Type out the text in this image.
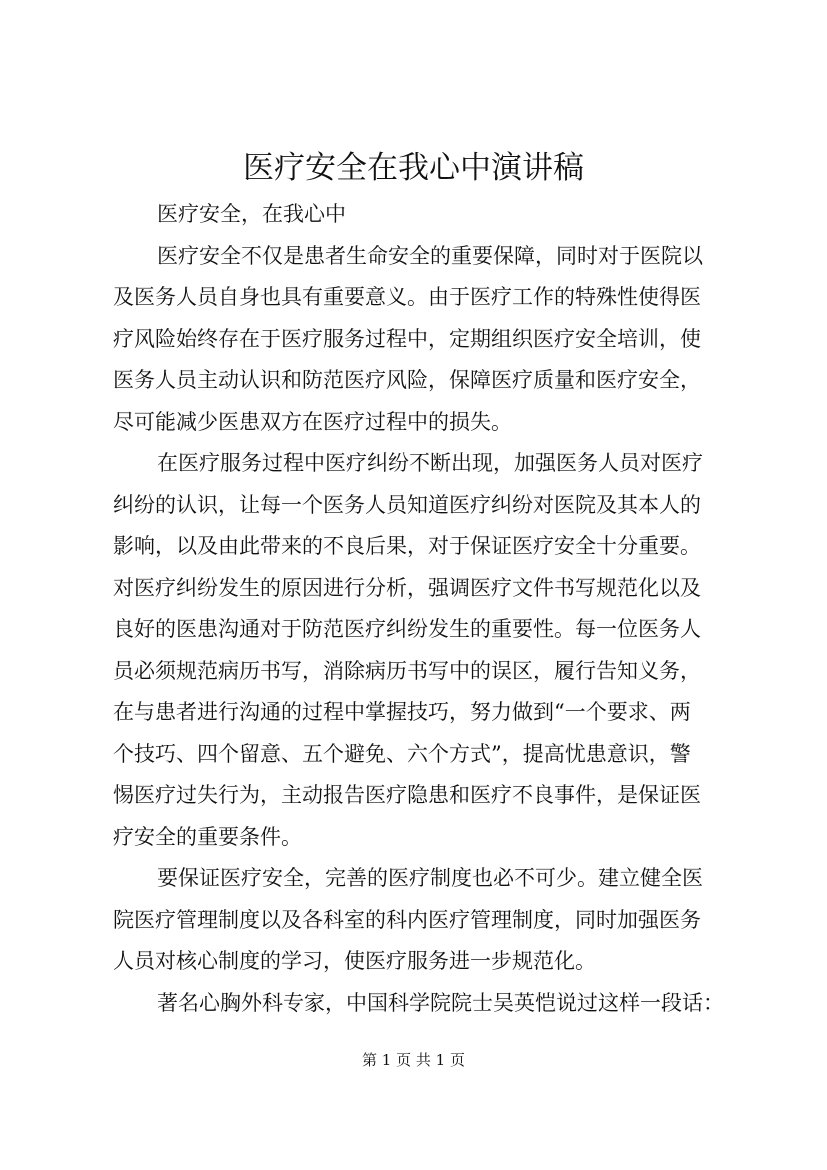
医疗安全在我心中演讲稿
医疗安全，在我心中
医疗安全不仅是患者生命安全的重要保障，同时对于医院以
及医务人员自身也具有重要意义。由于医疗工作的特殊性使得医
疗风险始终存在于医疗服务过程中，定期组织医疗安全培训，使
医务人员主动认识和防范医疗风险，保障医疗质量和医疗安全，
尽可能减少医患双方在医疗过程中的损失。
在医疗服务过程中医疗纠纷不断出现，加强医务人员对医疗
纠纷的认识，让每一个医务人员知道医疗纠纷对医院及其本人的
影响，以及由此带来的不良后果，对于保证医疗安全十分重要。
对医疗纠纷发生的原因进行分析，强调医疗文件书写规范化以及
良好的医患沟通对于防范医疗纠纷发生的重要性。每一位医务人
员必须规范病历书写，消除病历书写中的误区，履行告知义务，
在与患者进行沟通的过程中掌握技巧，努力做到“一个要求、两
个技巧、四个留意、五个避免、六个方式”，提高忧患意识，警
惕医疗过失行为，主动报告医疗隐患和医疗不良事件，是保证医
疗安全的重要条件。
要保证医疗安全，完善的医疗制度也必不可少。建立健全医
院医疗管理制度以及各科室的科内医疗管理制度，同时加强医务
人员对核心制度的学习，使医疗服务进一步规范化。
著名心胸外科专家，中国科学院院士吴英恺说过这样一段话：
第 1 页 共 1 页
